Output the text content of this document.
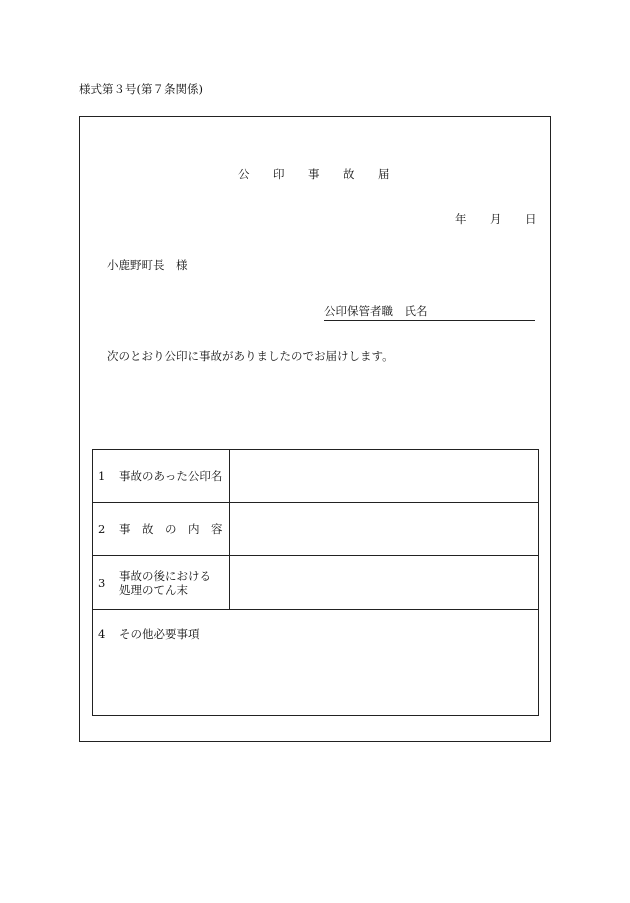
様式第３号(第７条関係)
公 印 事 故 届
年 月 日
小鹿野町長　様
公印保管者職　氏名
次のとおり公印に事故がありましたのでお届けします。
1 事故のあった公印名
2 事　故　の　内　容
3 事故の後における
処理のてん末
4 その他必要事項
